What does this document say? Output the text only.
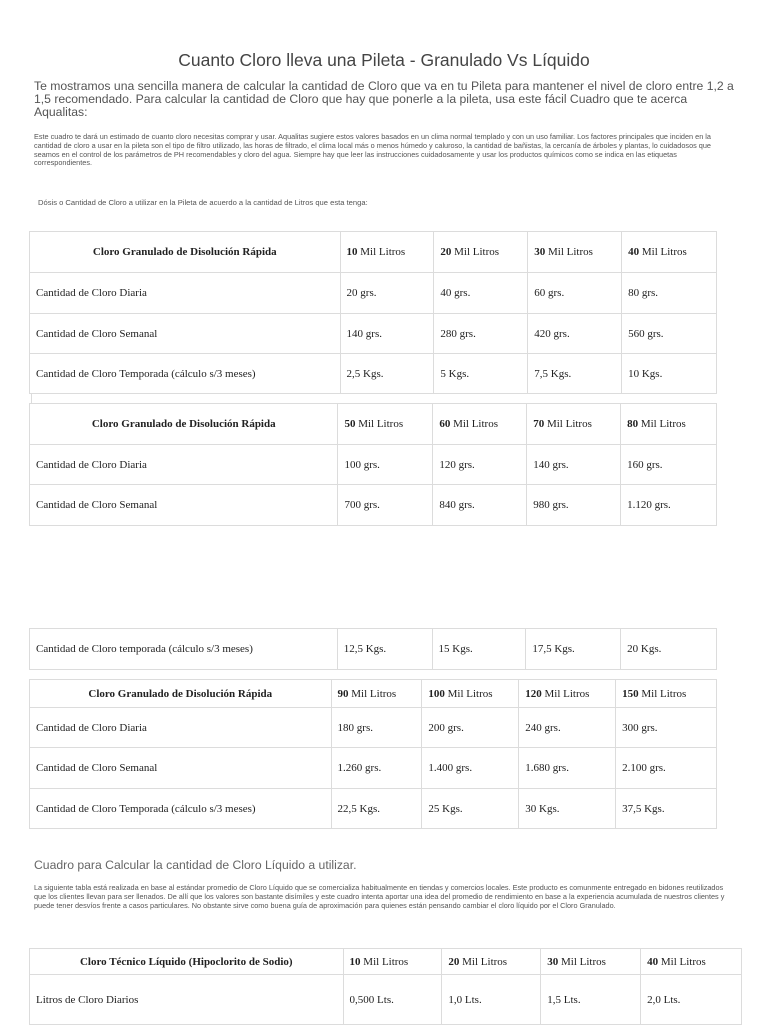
Cuanto Cloro lleva una Pileta - Granulado Vs Líquido
Te mostramos una sencilla manera de calcular la cantidad de Cloro que va en tu Pileta para mantener el nivel de cloro entre 1,2 a 1,5 recomendado. Para calcular la cantidad de Cloro que hay que ponerle a la pileta, usa este fácil Cuadro que te acerca Aqualitas:
Este cuadro te dará un estimado de cuanto cloro necesitas comprar y usar. Aqualitas sugiere estos valores basados en un clima normal templado y con un uso familiar. Los factores principales que inciden en la cantidad de cloro a usar en la pileta son el tipo de filtro utilizado, las horas de filtrado, el clima local más o menos húmedo y caluroso, la cantidad de bañistas, la cercanía de árboles y plantas, lo cuidadosos que seamos en el control de los parámetros de PH recomendables y cloro del agua. Siempre hay que leer las instrucciones cuidadosamente y usar los productos químicos como se indica en las etiquetas correspondientes.
Dósis o Cantidad de Cloro a utilizar en la Pileta de acuerdo a la cantidad de Litros que esta tenga:
Cloro Granulado de Disolución Rápida	10 Mil Litros	20 Mil Litros	30 Mil Litros	40 Mil Litros
Cantidad de Cloro Diaria	20 grs.	40 grs.	60 grs.	80 grs.
Cantidad de Cloro Semanal	140 grs.	280 grs.	420 grs.	560 grs.
Cantidad de Cloro Temporada (cálculo s/3 meses)	2,5 Kgs.	5 Kgs.	7,5 Kgs.	10 Kgs.
Cloro Granulado de Disolución Rápida	50 Mil Litros	60 Mil Litros	70 Mil Litros	80 Mil Litros
Cantidad de Cloro Diaria	100 grs.	120 grs.	140 grs.	160 grs.
Cantidad de Cloro Semanal	700 grs.	840 grs.	980 grs.	1.120 grs.
Cantidad de Cloro temporada (cálculo s/3 meses)	12,5 Kgs.	15 Kgs.	17,5 Kgs.	20 Kgs.
Cloro Granulado de Disolución Rápida	90 Mil Litros	100 Mil Litros	120 Mil Litros	150 Mil Litros
Cantidad de Cloro Diaria	180 grs.	200 grs.	240 grs.	300 grs.
Cantidad de Cloro Semanal	1.260 grs.	1.400 grs.	1.680 grs.	2.100 grs.
Cantidad de Cloro Temporada (cálculo s/3 meses)	22,5 Kgs.	25 Kgs.	30 Kgs.	37,5 Kgs.
Cuadro para Calcular la cantidad de Cloro Líquido a utilizar.
La siguiente tabla está realizada en base al estándar promedio de Cloro Líquido que se comercializa habitualmente en tiendas y comercios locales. Este producto es comunmente entregado en bidones reutilizados que los clientes llevan para ser llenados. De allí que los valores son bastante disímiles y este cuadro intenta aportar una idea del promedio de rendimiento en base a la experiencia acumulada de nuestros clientes y puede tener desvíos frente a casos particulares. No obstante sirve como buena guía de aproximación para quienes están pensando cambiar el cloro líquido por el Cloro Granulado.
Cloro Técnico Líquido (Hipoclorito de Sodio)	10 Mil Litros	20 Mil Litros	30 Mil Litros	40 Mil Litros
Litros de Cloro Diarios	0,500 Lts.	1,0 Lts.	1,5 Lts.	2,0 Lts.
